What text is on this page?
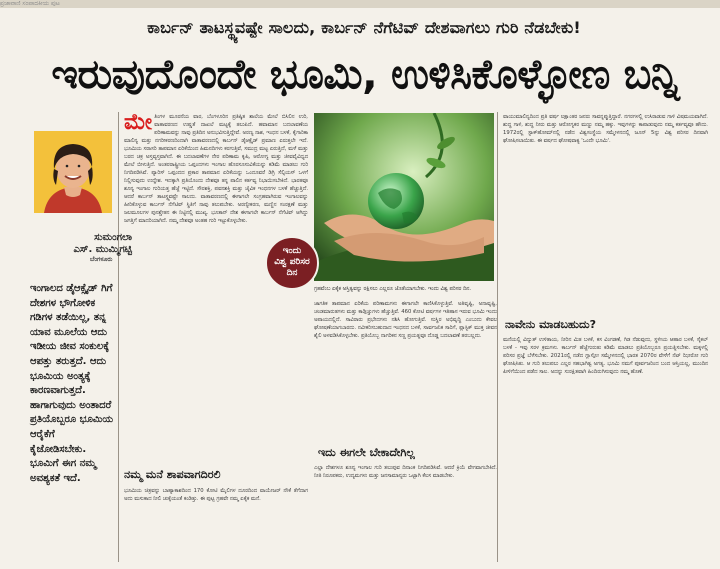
ಪ್ರಜಾವಾಣಿ ಸಂಪಾದಕೀಯ ಪುಟ
ಕಾರ್ಬನ್ ತಾಟಸ್ಥ್ಯವಷ್ಟೇ ಸಾಲದು, ಕಾರ್ಬನ್ ನೆಗೆಟಿವ್ ದೇಶವಾಗಲು ಗುರಿ ನೆಡಬೇಕು!
ಇರುವುದೊಂದೇ ಭೂಮಿ, ಉಳಿಸಿಕೊಳ್ಳೋಣ ಬನ್ನಿ
ಸುಮಂಗಲಾ
ಎಸ್. ಮುಮ್ಮಿಗಟ್ಟಿ
ಬೆಂಗಳೂರು
ಇಂಗಾಲದ ಡೈಆಕ್ಸೈಡ್ ಗಿಗೆ ದೇಶಗಳ ಭೌಗೋಳಿಕ ಗಡಿಗಳ ತಡೆಯಿಲ್ಲ, ತನ್ನ ಯಾವ ಮೂಲೆಯ ಆದು ಇಡೀಯ ಜೀವ ಸಂಕುಲಕ್ಕೆ ಆಪತ್ತು ತರುತ್ತದೆ. ಆದು ಭೂಮಿಯ ಅಂತ್ಯಕ್ಕೆ ಕಾರಣವಾಗುತ್ತದೆ. ಹಾಗಾಗುವುದು ಅಂತಾದರೆ ಪ್ರತಿಯೊಬ್ಬರೂ ಭೂಮಿಯ ಆರೈಕೆಗೆ ಕೈಜೋಡಿಸಬೇಕು. ಭೂಮಿಗೆ ಈಗ ನಮ್ಮ ಅವಶ್ಯಕತೆ ಇದೆ.
ಮೇ ತಿಂಗಳ ಮೂರನೆಯ ವಾರ, ಬೆಂಗಳೂರಿನ ಪ್ರತಿಷ್ಠಿತ ಶಾಲೆಯ ಮೇಲೆ ಬಿಸಿಲಿನ ಉರಿ, ವಾತಾವರಣದ ಉಷ್ಣತೆ ದಾಖಲೆ ಮಟ್ಟಕ್ಕೆ ತಲುಪಿದೆ. ಹವಾಮಾನ ಬದಲಾವಣೆಯ ಪರಿಣಾಮವನ್ನು ನಾವು ಪ್ರತಿದಿನ ಅನುಭವಿಸುತ್ತಿದ್ದೇವೆ. ಅರಣ್ಯ ನಾಶ, ಇಂಧನ ಬಳಕೆ, ಕೈಗಾರಿಕಾ ಮಾಲಿನ್ಯ ಮತ್ತು ನಗರೀಕರಣದಿಂದಾಗಿ ವಾತಾವರಣದಲ್ಲಿ ಕಾರ್ಬನ್ ಡೈಆಕ್ಸೈಡ್ ಪ್ರಮಾಣ ಏರುತ್ತಲೇ ಇದೆ. ಭೂಮಿಯ ಸರಾಸರಿ ತಾಪಮಾನ ಏರಿಕೆಯಿಂದ ಹಿಮನದಿಗಳು ಕರಗುತ್ತಿವೆ, ಸಮುದ್ರ ಮಟ್ಟ ಏರುತ್ತಿದೆ, ಮಳೆ ಮತ್ತು ಬರದ ಚಕ್ರ ಅಸ್ತವ್ಯಸ್ತವಾಗಿದೆ. ಈ ಬದಲಾವಣೆಗಳ ನೇರ ಪರಿಣಾಮ ಕೃಷಿ, ಆರೋಗ್ಯ ಮತ್ತು ಜೀವವೈವಿಧ್ಯದ ಮೇಲೆ ಬೀಳುತ್ತಿದೆ. ಅಂತರರಾಷ್ಟ್ರೀಯ ಒಪ್ಪಂದಗಳು ಇಂಗಾಲ ಹೊರಸೂಸುವಿಕೆಯನ್ನು ಕಡಿಮೆ ಮಾಡಲು ಗುರಿ ನಿಗದಿಪಡಿಸಿವೆ. ಪ್ಯಾರಿಸ್ ಒಪ್ಪಂದದ ಪ್ರಕಾರ ತಾಪಮಾನ ಏರಿಕೆಯನ್ನು ಒಂದೂವರೆ ಡಿಗ್ರಿ ಸೆಲ್ಸಿಯಸ್ ಒಳಗೆ ನಿಲ್ಲಿಸುವುದು ಉದ್ದೇಶ. ಇದಕ್ಕಾಗಿ ಪ್ರತಿಯೊಂದು ದೇಶವೂ ತನ್ನ ಪಾಲಿನ ಕರ್ತವ್ಯ ನಿಭಾಯಿಸಬೇಕಿದೆ. ಭಾರತವೂ ಶೂನ್ಯ ಇಂಗಾಲ ಗುರಿಯತ್ತ ಹೆಜ್ಜೆ ಇಟ್ಟಿದೆ. ಸೌರಶಕ್ತಿ, ಪವನಶಕ್ತಿ ಮತ್ತು ಜೈವಿಕ ಇಂಧನಗಳ ಬಳಕೆ ಹೆಚ್ಚುತ್ತಿದೆ. ಆದರೆ ಕಾರ್ಬನ್ ತಾಟಸ್ಥ್ಯವಷ್ಟೇ ಸಾಲದು. ವಾತಾವರಣದಲ್ಲಿ ಈಗಾಗಲೇ ಸಂಗ್ರಹವಾಗಿರುವ ಇಂಗಾಲವನ್ನು ಹೀರಿಕೊಳ್ಳುವ ಕಾರ್ಬನ್ ನೆಗೆಟಿವ್ ಸ್ಥಿತಿಗೆ ನಾವು ತಲುಪಬೇಕು. ಅರಣ್ಯೀಕರಣ, ಮಣ್ಣಿನ ಸಂರಕ್ಷಣೆ ಮತ್ತು ಜಲಮೂಲಗಳ ಪುನಶ್ಚೇತನ ಈ ನಿಟ್ಟಿನಲ್ಲಿ ಮುಖ್ಯ. ಭೂತಾನ್ ದೇಶ ಈಗಾಗಲೇ ಕಾರ್ಬನ್ ನೆಗೆಟಿವ್ ಆಗಿದ್ದು ಜಗತ್ತಿಗೆ ಮಾದರಿಯಾಗಿದೆ. ನಮ್ಮ ದೇಶವೂ ಅಂತಹ ಗುರಿ ಇಟ್ಟುಕೊಳ್ಳಬೇಕು.
ನಮ್ಮ ಮನೆ ಶಾಪವಾಗದಿರಲಿ
ಭೂಮಿಯ ಚಿತ್ರವನ್ನು ಬಾಹ್ಯಾಕಾಶದಿಂದ 170 ಕೋಟಿ ಮೈಲಿಗಳ ದೂರದಿಂದ ವಾಯೇಜರ್ ನೌಕೆ ತೆಗೆದಾಗ ಅದು ಮಸುಕಾದ ನೀಲಿ ಚುಕ್ಕೆಯಂತೆ ಕಂಡಿತ್ತು. ಈ ಪುಟ್ಟ ಗ್ರಹವೇ ನಮ್ಮ ಏಕೈಕ ಮನೆ.
ಇಂದು
ವಿಶ್ವ ಪರಿಸರ
ದಿನ
ಗ್ರಹವೆಂಬ ಏಕೈಕ ಅಸ್ತಿತ್ವವನ್ನು ರಕ್ಷಿಸಲು ಎಲ್ಲರೂ ಜೊತೆಯಾಗಬೇಕು. ಇಂದು ವಿಶ್ವ ಪರಿಸರ ದಿನ.
ಜಾಗತಿಕ ತಾಪಮಾನ ಏರಿಕೆಯ ಪರಿಣಾಮಗಳು ಈಗಾಗಲೇ ಕಾಣಿಸಿಕೊಳ್ಳುತ್ತಿವೆ. ಅತಿವೃಷ್ಟಿ, ಅನಾವೃಷ್ಟಿ, ಚಂಡಮಾರುತಗಳು ಮತ್ತು ಕಾಡ್ಗಿಚ್ಚುಗಳು ಹೆಚ್ಚುತ್ತಿವೆ. 460 ಕೋಟಿ ವರ್ಷಗಳ ಇತಿಹಾಸ ಇರುವ ಭೂಮಿ ಇಂದು ಅಪಾಯದಲ್ಲಿದೆ. ಸಾವಿರಾರು ಪ್ರಭೇದಗಳು ನಶಿಸಿ ಹೋಗುತ್ತಿವೆ. ಸುಸ್ಥಿರ ಅಭಿವೃದ್ಧಿ ಎಂಬುದು ಕೇವಲ ಘೋಷಣೆಯಾಗಬಾರದು. ನವೀಕರಿಸಬಹುದಾದ ಇಂಧನದ ಬಳಕೆ, ಸಾರ್ವಜನಿಕ ಸಾರಿಗೆ, ಪ್ಲಾಸ್ಟಿಕ್ ಮುಕ್ತ ಜೀವನ ಶೈಲಿ ಅಳವಡಿಸಿಕೊಳ್ಳಬೇಕು. ಪ್ರತಿಯೊಬ್ಬ ನಾಗರಿಕನ ಸಣ್ಣ ಪ್ರಯತ್ನವೂ ದೊಡ್ಡ ಬದಲಾವಣೆ ತರಬಲ್ಲದು.
ಇದು ಈಗಲೇ ಬೇಕಾದೇಗಿಲ್ಲ
ಎಲ್ಲಾ ದೇಶಗಳೂ ಶೂನ್ಯ ಇಂಗಾಲ ಗುರಿ ತಲುಪುವ ದಿನಾಂಕ ನಿಗದಿಪಡಿಸಿವೆ. ಆದರೆ ಕ್ರಿಯೆ ವೇಗವಾಗಬೇಕಿದೆ. ನೀತಿ ನಿರೂಪಕರು, ಉದ್ಯಮಗಳು ಮತ್ತು ಜನಸಾಮಾನ್ಯರು ಒಟ್ಟಾಗಿ ಕೆಲಸ ಮಾಡಬೇಕು.
ವಾಯುಮಾಲಿನ್ಯದಿಂದ ಪ್ರತಿ ವರ್ಷ ಲಕ್ಷಾಂತರ ಜನರು ಸಾವನ್ನಪ್ಪುತ್ತಿದ್ದಾರೆ. ನಗರಗಳಲ್ಲಿ ಉಸಿರಾಡುವ ಗಾಳಿ ವಿಷಮಯವಾಗಿದೆ. ಶುದ್ಧ ಗಾಳಿ, ಶುದ್ಧ ನೀರು ಮತ್ತು ಆರೋಗ್ಯಕರ ಮಣ್ಣು ನಮ್ಮ ಹಕ್ಕು. ಇವುಗಳನ್ನು ಕಾಪಾಡುವುದು ನಮ್ಮ ಕರ್ತವ್ಯವೂ ಹೌದು. 1972ರಲ್ಲಿ ಸ್ಟಾಕ್‌ಹೋಮ್‌ನಲ್ಲಿ ನಡೆದ ವಿಶ್ವಸಂಸ್ಥೆಯ ಸಮ್ಮೇಳನದಲ್ಲಿ ಜೂನ್ 5ನ್ನು ವಿಶ್ವ ಪರಿಸರ ದಿನವಾಗಿ ಘೋಷಿಸಲಾಯಿತು. ಈ ವರ್ಷದ ಘೋಷವಾಕ್ಯ 'ಒಂದೇ ಭೂಮಿ'.
ನಾವೇನು ಮಾಡಬಹುದು?
ಮನೆಯಲ್ಲಿ ವಿದ್ಯುತ್ ಉಳಿತಾಯ, ನೀರಿನ ಮಿತ ಬಳಕೆ, ಕಸ ವಿಂಗಡಣೆ, ಗಿಡ ನೆಡುವುದು, ಸ್ಥಳೀಯ ಆಹಾರ ಬಳಕೆ, ಸೈಕಲ್ ಬಳಕೆ - ಇವು ಸರಳ ಕ್ರಮಗಳು. ಕಾರ್ಬನ್ ಹೆಜ್ಜೆಗುರುತು ಕಡಿಮೆ ಮಾಡಲು ಪ್ರತಿಯೊಬ್ಬರೂ ಪ್ರಯತ್ನಿಸಬೇಕು. ಮಕ್ಕಳಲ್ಲಿ ಪರಿಸರ ಪ್ರಜ್ಞೆ ಬೆಳೆಸಬೇಕು. 2021ರಲ್ಲಿ ನಡೆದ ಗ್ಲಾಸ್ಗೋ ಸಮ್ಮೇಳನದಲ್ಲಿ ಭಾರತ 2070ರ ವೇಳೆಗೆ ನೆಟ್ ಝೀರೋ ಗುರಿ ಘೋಷಿಸಿತು. ಆ ಗುರಿ ತಲುಪಲು ಎಲ್ಲರ ಸಹಭಾಗಿತ್ವ ಅಗತ್ಯ. ಭೂಮಿ ನಮಗೆ ಪೂರ್ವಜರಿಂದ ಬಂದ ಆಸ್ತಿಯಲ್ಲ, ಮುಂದಿನ ಪೀಳಿಗೆಯಿಂದ ಪಡೆದ ಸಾಲ. ಅದನ್ನು ಸುರಕ್ಷಿತವಾಗಿ ಹಿಂದಿರುಗಿಸುವುದು ನಮ್ಮ ಹೊಣೆ.
